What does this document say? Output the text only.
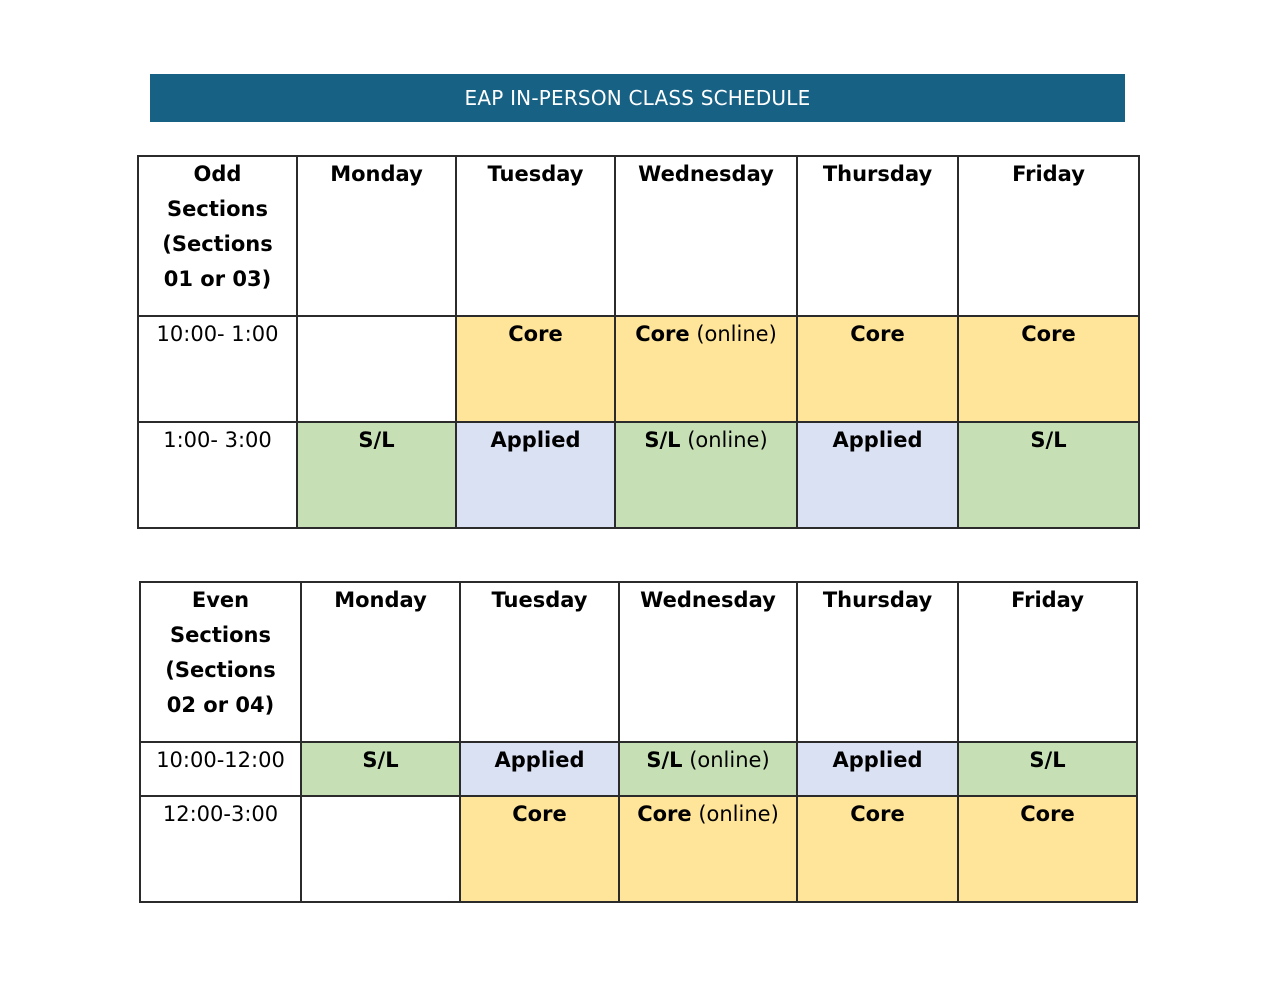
EAP IN-PERSON CLASS SCHEDULE
Odd
Sections
(Sections
01 or 03)	Monday	Tuesday	Wednesday	Thursday	Friday
10:00- 1:00		Core	Core (online)	Core	Core
1:00- 3:00	S/L	Applied	S/L (online)	Applied	S/L
Even
Sections
(Sections
02 or 04)	Monday	Tuesday	Wednesday	Thursday	Friday
10:00-12:00	S/L	Applied	S/L (online)	Applied	S/L
12:00-3:00		Core	Core (online)	Core	Core
